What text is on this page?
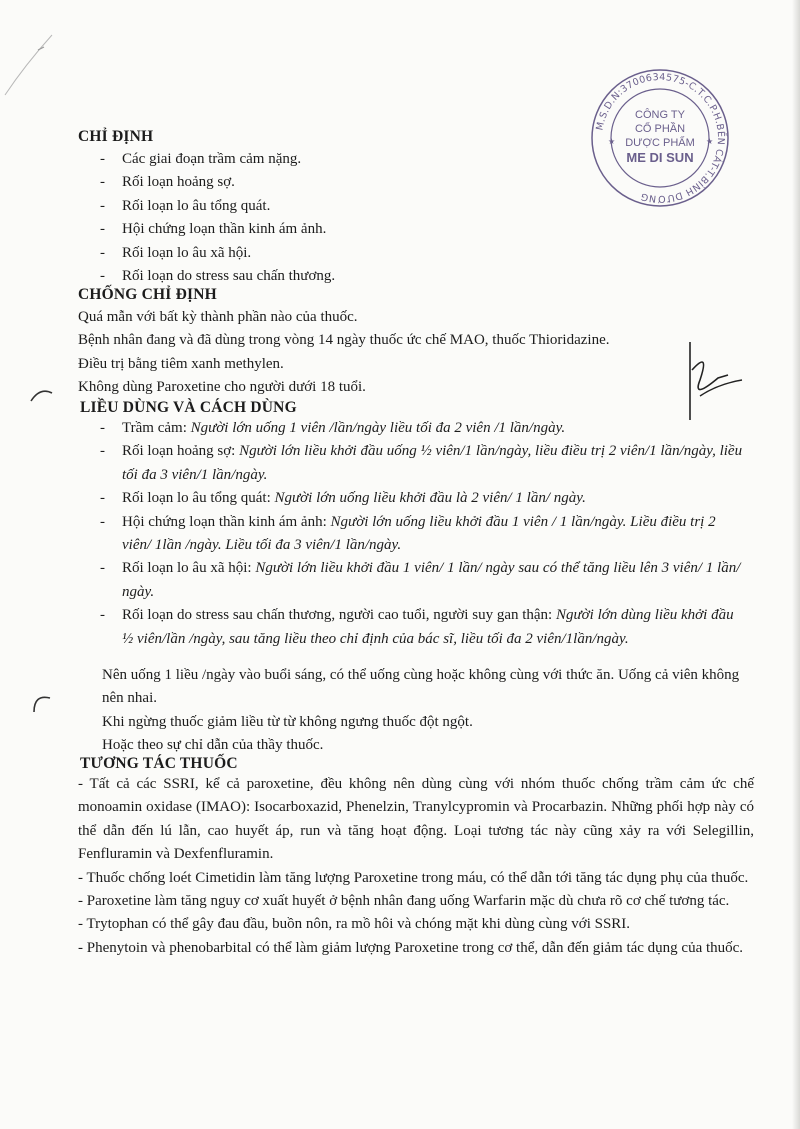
M.S.D.N:3700634575-C.T.C.P.H.BẾN CÁT-T.BÌNH DƯƠNG
CÔNG TY
CỔ PHẦN
DƯỢC PHẨM
ME DI SUN
★	★
CHỈ ĐỊNH
- Các giai đoạn trầm cảm nặng.
- Rối loạn hoảng sợ.
- Rối loạn lo âu tổng quát.
- Hội chứng loạn thần kinh ám ảnh.
- Rối loạn lo âu xã hội.
- Rối loạn do stress sau chấn thương.
CHỐNG CHỈ ĐỊNH

Quá mẫn với bất kỳ thành phần nào của thuốc.

Bệnh nhân đang và đã dùng trong vòng 14 ngày thuốc ức chế MAO, thuốc Thioridazine.

Điều trị bằng tiêm xanh methylen.

Không dùng Paroxetine cho người dưới 18 tuổi.

LIỀU DÙNG VÀ CÁCH DÙNG
- Trầm cảm: Người lớn uống 1 viên /lần/ngày liều tối đa 2 viên /1 lần/ngày.
- Rối loạn hoảng sợ: Người lớn liều khởi đầu uống ½ viên/1 lần/ngày, liều điều trị 2 viên/1 lần/ngày, liều tối đa 3 viên/1 lần/ngày.
- Rối loạn lo âu tổng quát: Người lớn uống liều khởi đầu là 2 viên/ 1 lần/ ngày.
- Hội chứng loạn thần kinh ám ảnh: Người lớn uống liều khởi đầu 1 viên / 1 lần/ngày. Liều điều trị 2 viên/ 1lần /ngày. Liều tối đa 3 viên/1 lần/ngày.
- Rối loạn lo âu xã hội: Người lớn liều khởi đầu 1 viên/ 1 lần/ ngày sau có thể tăng liều lên 3 viên/ 1 lần/ ngày.
- Rối loạn do stress sau chấn thương, người cao tuổi, người suy gan thận: Người lớn dùng liều khởi đầu ½ viên/lần /ngày, sau tăng liều theo chỉ định của bác sĩ, liều tối đa 2 viên/1lần/ngày.

Nên uống 1 liều /ngày vào buổi sáng, có thể uống cùng hoặc không cùng với thức ăn. Uống cả viên không nên nhai.

Khi ngừng thuốc giảm liều từ từ không ngưng thuốc đột ngột.

Hoặc theo sự chỉ dẫn của thầy thuốc.

TƯƠNG TÁC THUỐC

- Tất cả các SSRI, kể cả paroxetine, đều không nên dùng cùng với nhóm thuốc chống trầm cảm ức chế monoamin oxidase (IMAO): Isocarboxazid, Phenelzin, Tranylcypromin và Procarbazin. Những phối hợp này có thể dẫn đến lú lẫn, cao huyết áp, run và tăng hoạt động. Loại tương tác này cũng xảy ra với Selegillin, Fenfluramin và Dexfenfluramin.

- Thuốc chống loét Cimetidin làm tăng lượng Paroxetine trong máu, có thể dẫn tới tăng tác dụng phụ của thuốc.

- Paroxetine làm tăng nguy cơ xuất huyết ở bệnh nhân đang uống Warfarin mặc dù chưa rõ cơ chế tương tác.

- Trytophan có thể gây đau đầu, buồn nôn, ra mồ hôi và chóng mặt khi dùng cùng với SSRI.

- Phenytoin và phenobarbital có thể làm giảm lượng Paroxetine trong cơ thể, dẫn đến giảm tác dụng của thuốc.
